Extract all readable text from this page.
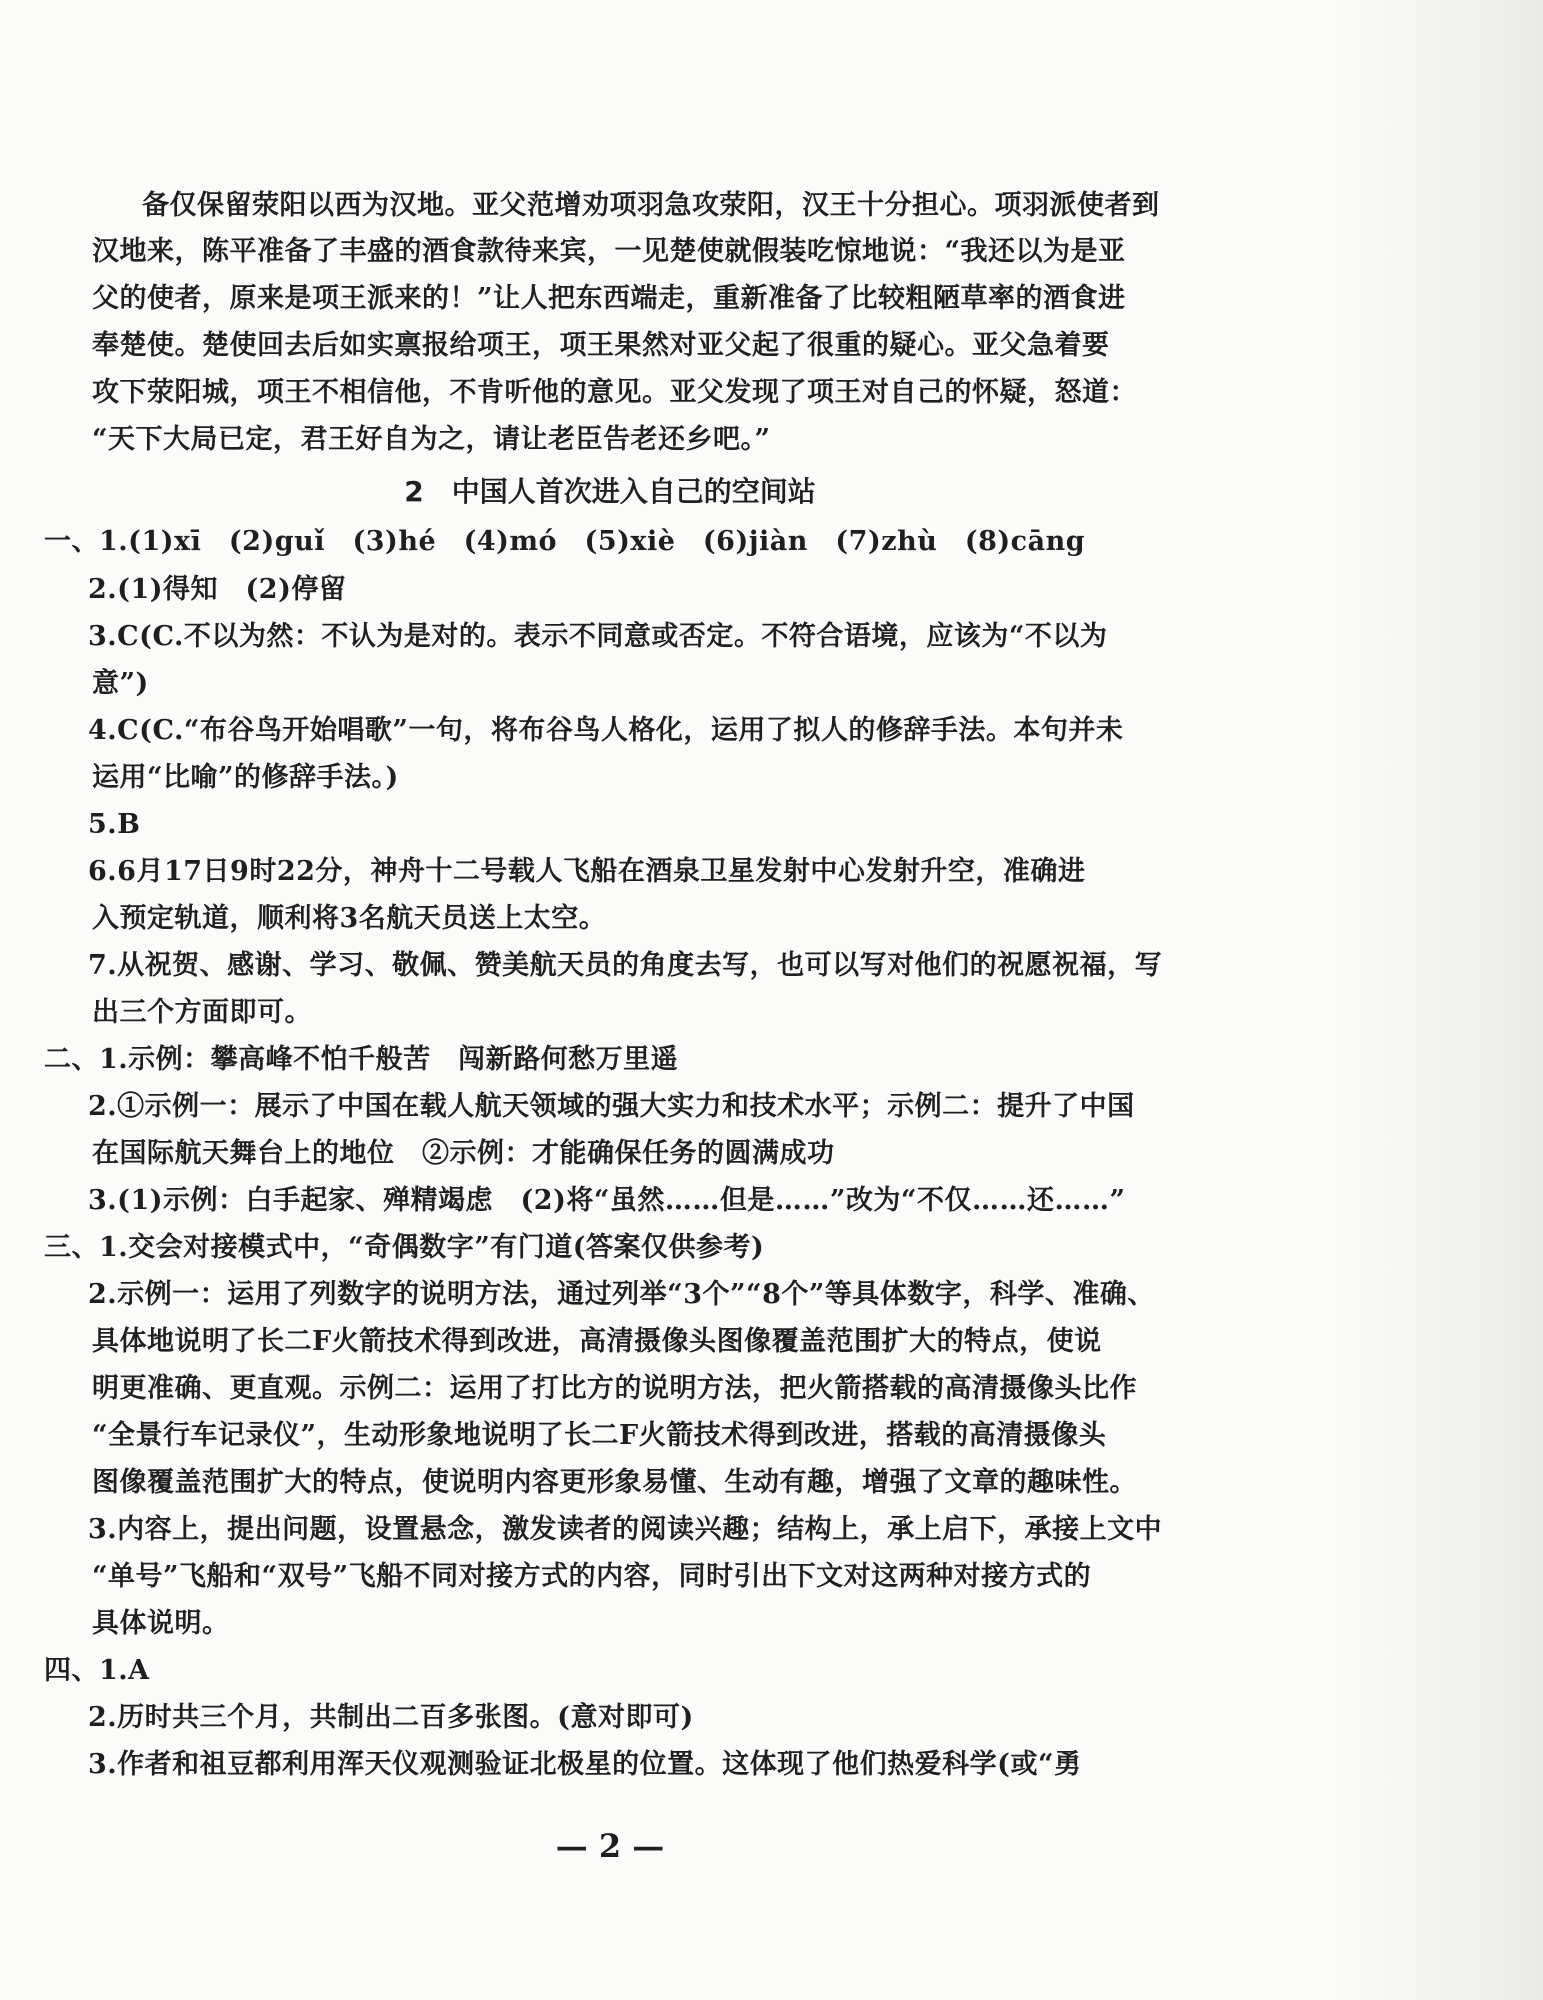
备仅保留荥阳以西为汉地。亚父范增劝项羽急攻荥阳，汉王十分担心。项羽派使者到
汉地来，陈平准备了丰盛的酒食款待来宾，一见楚使就假装吃惊地说：“我还以为是亚
父的使者，原来是项王派来的！”让人把东西端走，重新准备了比较粗陋草率的酒食进
奉楚使。楚使回去后如实禀报给项王，项王果然对亚父起了很重的疑心。亚父急着要
攻下荥阳城，项王不相信他，不肯听他的意见。亚父发现了项王对自己的怀疑，怒道：
“天下大局已定，君王好自为之，请让老臣告老还乡吧。”
2　中国人首次进入自己的空间站
一、1.(1)xī　(2)guǐ　(3)hé　(4)mó　(5)xiè　(6)jiàn　(7)zhù　(8)cāng
2.(1)得知　(2)停留
3.C(C.不以为然：不认为是对的。表示不同意或否定。不符合语境，应该为“不以为
意”)
4.C(C.“布谷鸟开始唱歌”一句，将布谷鸟人格化，运用了拟人的修辞手法。本句并未
运用“比喻”的修辞手法。)
5.B
6.6月17日9时22分，神舟十二号载人飞船在酒泉卫星发射中心发射升空，准确进
入预定轨道，顺利将3名航天员送上太空。
7.从祝贺、感谢、学习、敬佩、赞美航天员的角度去写，也可以写对他们的祝愿祝福，写
出三个方面即可。
二、1.示例：攀高峰不怕千般苦　闯新路何愁万里遥
2.①示例一：展示了中国在载人航天领域的强大实力和技术水平；示例二：提升了中国
在国际航天舞台上的地位　②示例：才能确保任务的圆满成功
3.(1)示例：白手起家、殚精竭虑　(2)将“虽然……但是……”改为“不仅……还……”
三、1.交会对接模式中，“奇偶数字”有门道(答案仅供参考)
2.示例一：运用了列数字的说明方法，通过列举“3个”“8个”等具体数字，科学、准确、
具体地说明了长二F火箭技术得到改进，高清摄像头图像覆盖范围扩大的特点，使说
明更准确、更直观。示例二：运用了打比方的说明方法，把火箭搭载的高清摄像头比作
“全景行车记录仪”，生动形象地说明了长二F火箭技术得到改进，搭载的高清摄像头
图像覆盖范围扩大的特点，使说明内容更形象易懂、生动有趣，增强了文章的趣味性。
3.内容上，提出问题，设置悬念，激发读者的阅读兴趣；结构上，承上启下，承接上文中
“单号”飞船和“双号”飞船不同对接方式的内容，同时引出下文对这两种对接方式的
具体说明。
四、1.A
2.历时共三个月，共制出二百多张图。(意对即可)
3.作者和祖豆都利用浑天仪观测验证北极星的位置。这体现了他们热爱科学(或“勇
— 2 —
